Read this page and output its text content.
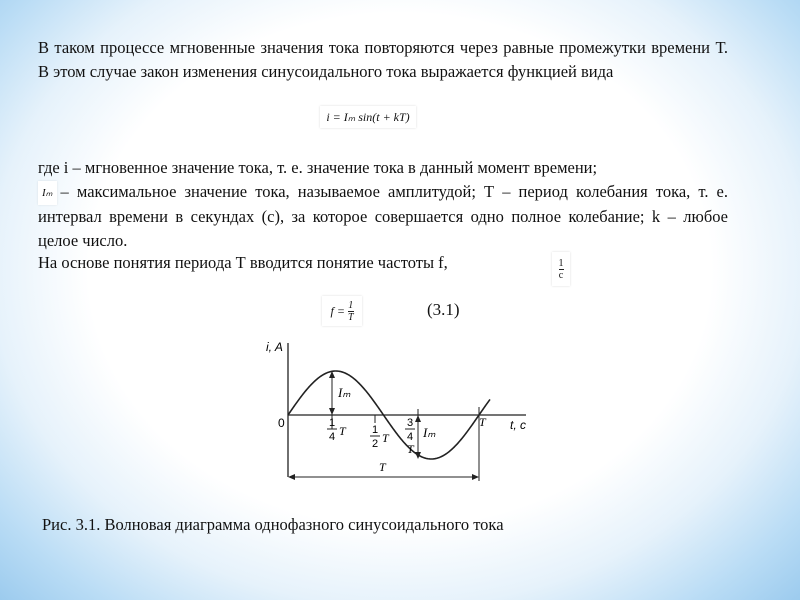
В таком процессе мгновенные значения тока повторяются через равные промежутки времени Т. В этом случае закон изменения синусоидального тока выражается функцией вида
i = Iₘ sin(t + kT)
где i – мгновенное значение тока, т. е. значение тока в данный момент времени;
Iₘ – максимальное значение тока, называемое амплитудой; Т – период колебания тока, т. е. интервал времени в секундах (с), за которое совершается одно полное колебание; k – любое целое число.
На основе понятия периода Т вводится понятие частоты f,	$\frac{1}{c}$
$f = \frac{1}{T}$	(3.1)
i, A
t, c
0
Iₘ
Iₘ
T
T
1
4 T 1
2 T
3
4
T
Рис. 3.1. Волновая диаграмма однофазного синусоидального тока
